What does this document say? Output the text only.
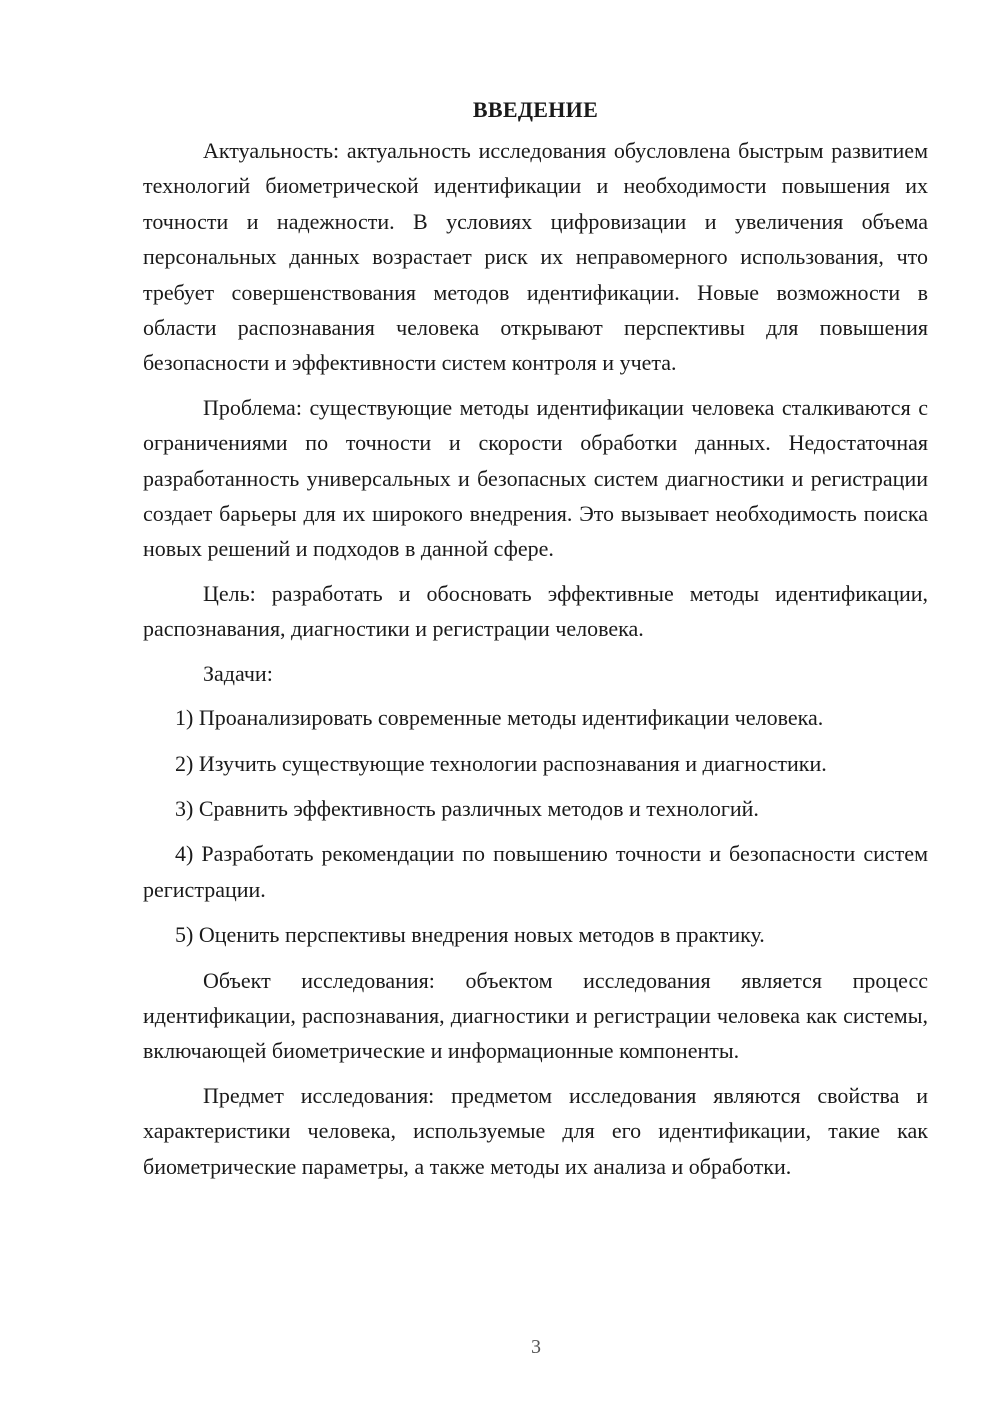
ВВЕДЕНИЕ

Актуальность: актуальность исследования обусловлена быстрым развитием технологий биометрической идентификации и необходимости повышения их точности и надежности. В условиях цифровизации и увеличения объема персональных данных возрастает риск их неправомерного использования, что требует совершенствования методов идентификации. Новые возможности в области распознавания человека открывают перспективы для повышения безопасности и эффективности систем контроля и учета.

Проблема: существующие методы идентификации человека сталкиваются с ограничениями по точности и скорости обработки данных. Недостаточная разработанность универсальных и безопасных систем диагностики и регистрации создает барьеры для их широкого внедрения. Это вызывает необходимость поиска новых решений и подходов в данной сфере.

Цель: разработать и обосновать эффективные методы идентификации, распознавания, диагностики и регистрации человека.

Задачи:

1) Проанализировать современные методы идентификации человека.

2) Изучить существующие технологии распознавания и диагностики.

3) Сравнить эффективность различных методов и технологий.

4) Разработать рекомендации по повышению точности и безопасности систем регистрации.

5) Оценить перспективы внедрения новых методов в практику.

Объект исследования: объектом исследования является процесс идентификации, распознавания, диагностики и регистрации человека как системы, включающей биометрические и информационные компоненты.

Предмет исследования: предметом исследования являются свойства и характеристики человека, используемые для его идентификации, такие как биометрические параметры, а также методы их анализа и обработки.

3
